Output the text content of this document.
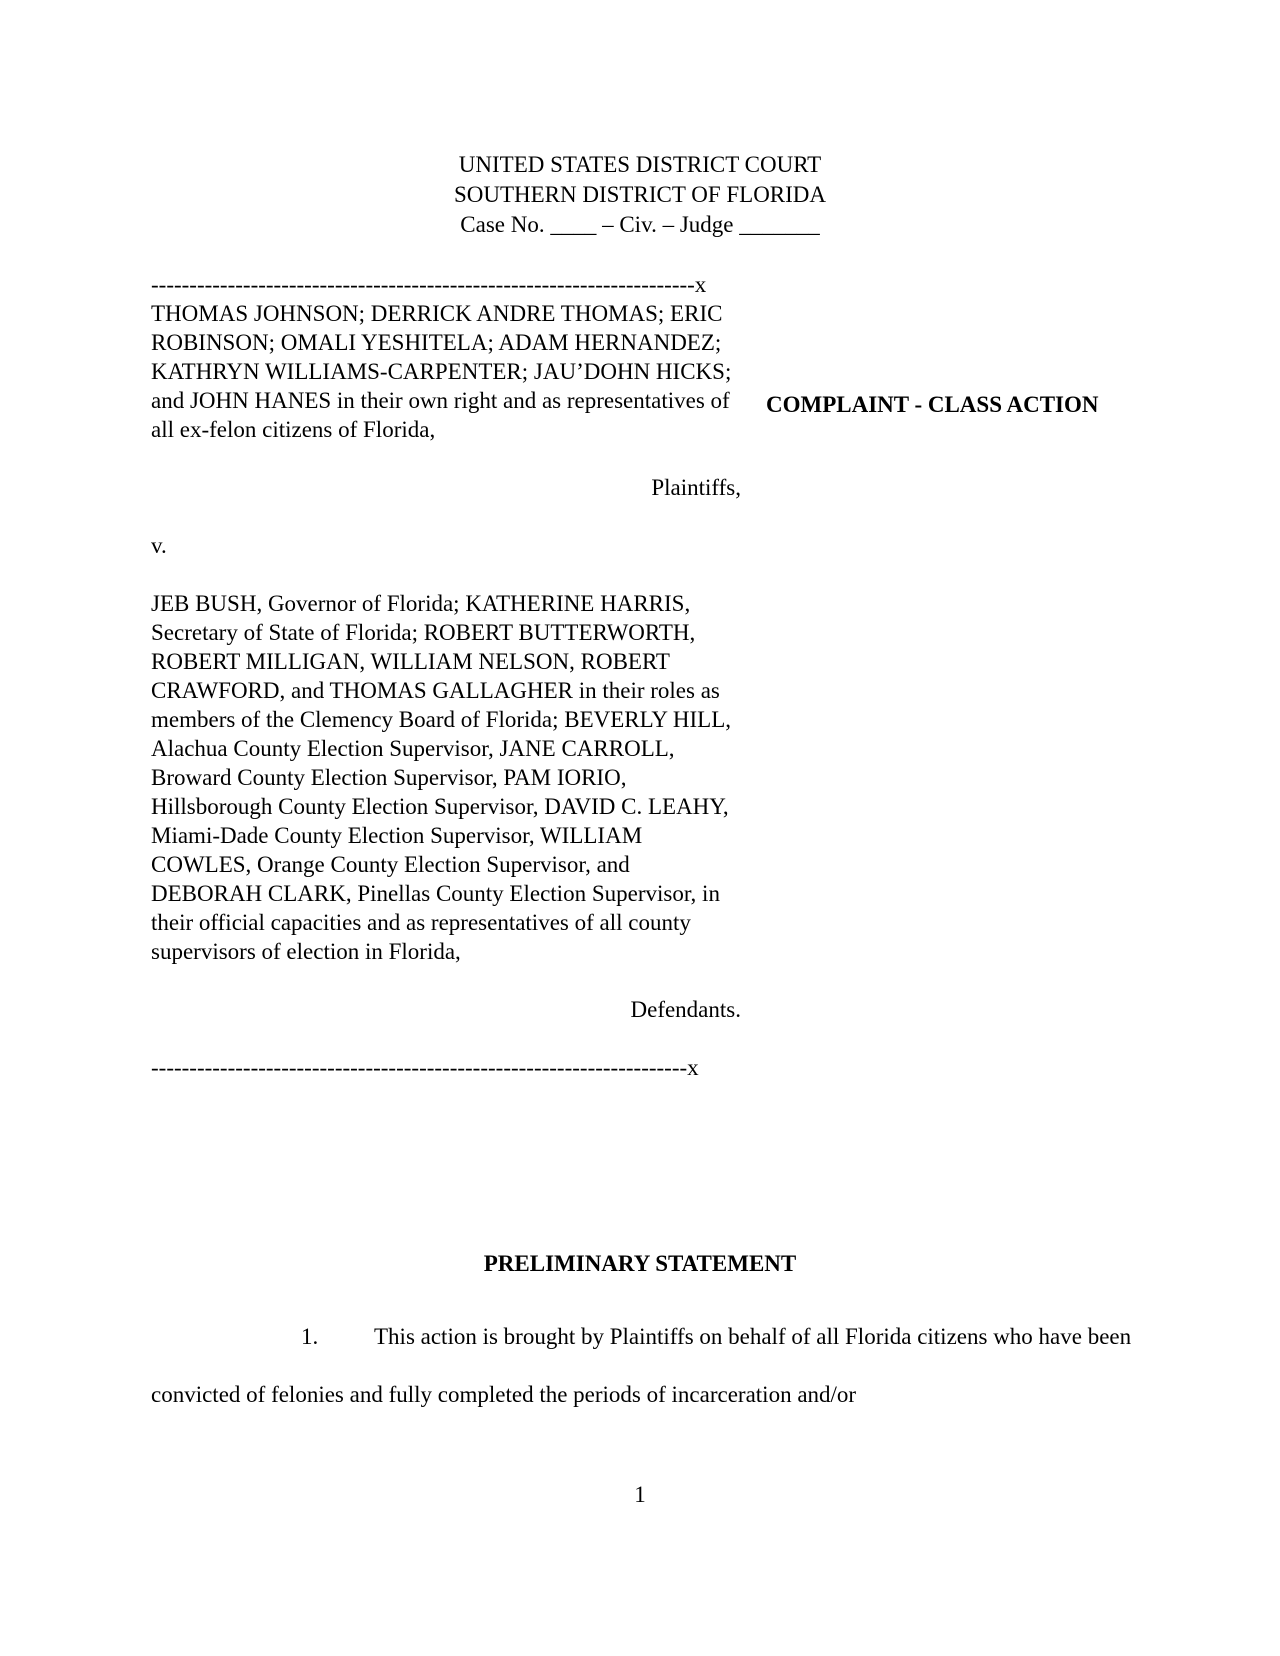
UNITED STATES DISTRICT COURT
SOUTHERN DISTRICT OF FLORIDA
Case No. ____ – Civ. – Judge _______
-----------------------------------------------------------------------x
THOMAS JOHNSON; DERRICK ANDRE THOMAS; ERIC ROBINSON; OMALI YESHITELA; ADAM HERNANDEZ; KATHRYN WILLIAMS-CARPENTER; JAU’DOHN HICKS; and JOHN HANES in their own right and as representatives of all ex-felon citizens of Florida,
Plaintiffs,
v.
JEB BUSH, Governor of Florida; KATHERINE HARRIS, Secretary of State of Florida; ROBERT BUTTERWORTH, ROBERT MILLIGAN, WILLIAM NELSON, ROBERT CRAWFORD, and THOMAS GALLAGHER in their roles as members of the Clemency Board of Florida; BEVERLY HILL, Alachua County Election Supervisor, JANE CARROLL, Broward County Election Supervisor, PAM IORIO, Hillsborough County Election Supervisor, DAVID C. LEAHY, Miami-Dade County Election Supervisor, WILLIAM COWLES, Orange County Election Supervisor, and DEBORAH CLARK, Pinellas County Election Supervisor, in their official capacities and as representatives of all county supervisors of election in Florida,
Defendants.
----------------------------------------------------------------------x
COMPLAINT - CLASS ACTION
PRELIMINARY STATEMENT
1. This action is brought by Plaintiffs on behalf of all Florida citizens who have been convicted of felonies and fully completed the periods of incarceration and/or
1
